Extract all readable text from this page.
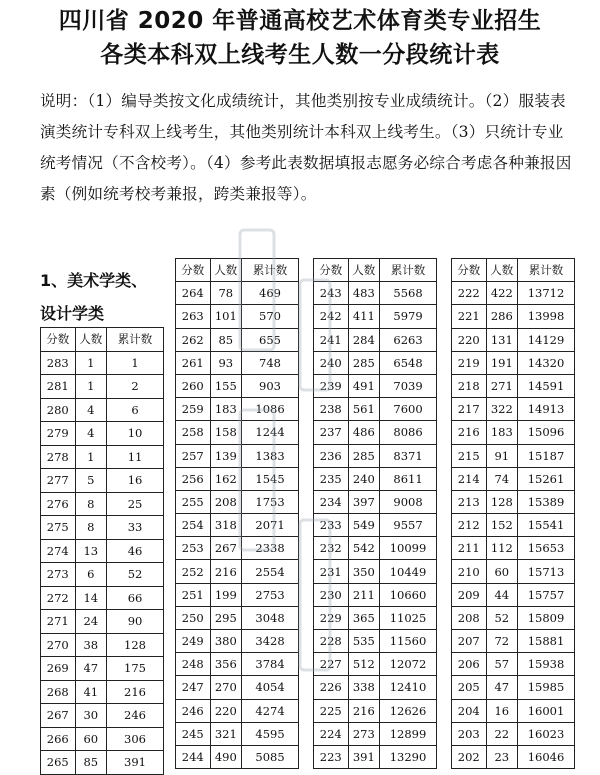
四川省 2020 年普通高校艺术体育类专业招生
各类本科双上线考生人数一分段统计表
说明：（1）编导类按文化成绩统计，其他类别按专业成绩统计。（2）服装表演类统计专科双上线考生，其他类别统计本科双上线考生。（3）只统计专业统考情况（不含校考）。（4）参考此表数据填报志愿务必综合考虑各种兼报因素（例如统考校考兼报，跨类兼报等）。
1、美术学类、
设计学类
分数	人数	累计数
283	1	1
281	1	2
280	4	6
279	4	10
278	1	11
277	5	16
276	8	25
275	8	33
274	13	46
273	6	52
272	14	66
271	24	90
270	38	128
269	47	175
268	41	216
267	30	246
266	60	306
265	85	391
分数	人数	累计数
264	78	469
263	101	570
262	85	655
261	93	748
260	155	903
259	183	1086
258	158	1244
257	139	1383
256	162	1545
255	208	1753
254	318	2071
253	267	2338
252	216	2554
251	199	2753
250	295	3048
249	380	3428
248	356	3784
247	270	4054
246	220	4274
245	321	4595
244	490	5085
分数	人数	累计数
243	483	5568
242	411	5979
241	284	6263
240	285	6548
239	491	7039
238	561	7600
237	486	8086
236	285	8371
235	240	8611
234	397	9008
233	549	9557
232	542	10099
231	350	10449
230	211	10660
229	365	11025
228	535	11560
227	512	12072
226	338	12410
225	216	12626
224	273	12899
223	391	13290
分数	人数	累计数
222	422	13712
221	286	13998
220	131	14129
219	191	14320
218	271	14591
217	322	14913
216	183	15096
215	91	15187
214	74	15261
213	128	15389
212	152	15541
211	112	15653
210	60	15713
209	44	15757
208	52	15809
207	72	15881
206	57	15938
205	47	15985
204	16	16001
203	22	16023
202	23	16046
